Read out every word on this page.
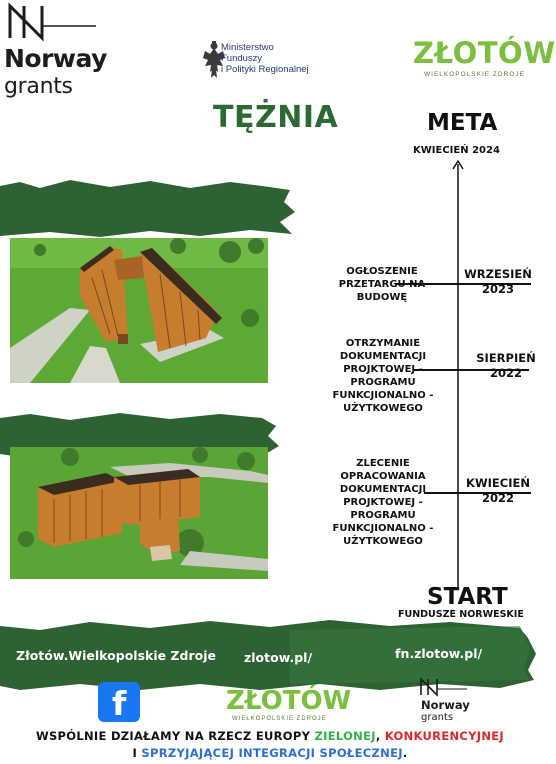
Norway
grants
Ministerstwo
Funduszy
i Polityki Regionalnej	ZŁOTÓW
WIELKOPOLSKIE ZDROJE
TĘŻNIA	META
KWIECIEŃ 2024
OGŁOSZENIE
PRZETARGU NA
BUDOWĘ
WRZESIEŃ
2023
OTRZYMANIE
DOKUMENTACJI
PROJKTOWEJ -
PROGRAMU
FUNKCJIONALNO -
UŻYTKOWEGO
SIERPIEŃ
2022
ZLECENIE
OPRACOWANIA
DOKUMENTACJI
PROJKTOWEJ -
PROGRAMU
FUNKCJIONALNO -
UŻYTKOWEGO
KWIECIEŃ
2022
START
FUNDUSZE NORWESKIE
Złotów.Wielkopolskie Zdroje zlotow.pl/	fn.zlotow.pl/
f	ZŁOTÓW
WIELKOPOLSKIE ZDROJE
Norway
grants
WSPÓLNIE DZIAŁAMY NA RZECZ EUROPY ZIELONEJ, KONKURENCYJNEJ
I SPRZYJAJĄCEJ INTEGRACJI SPOŁECZNEJ.
